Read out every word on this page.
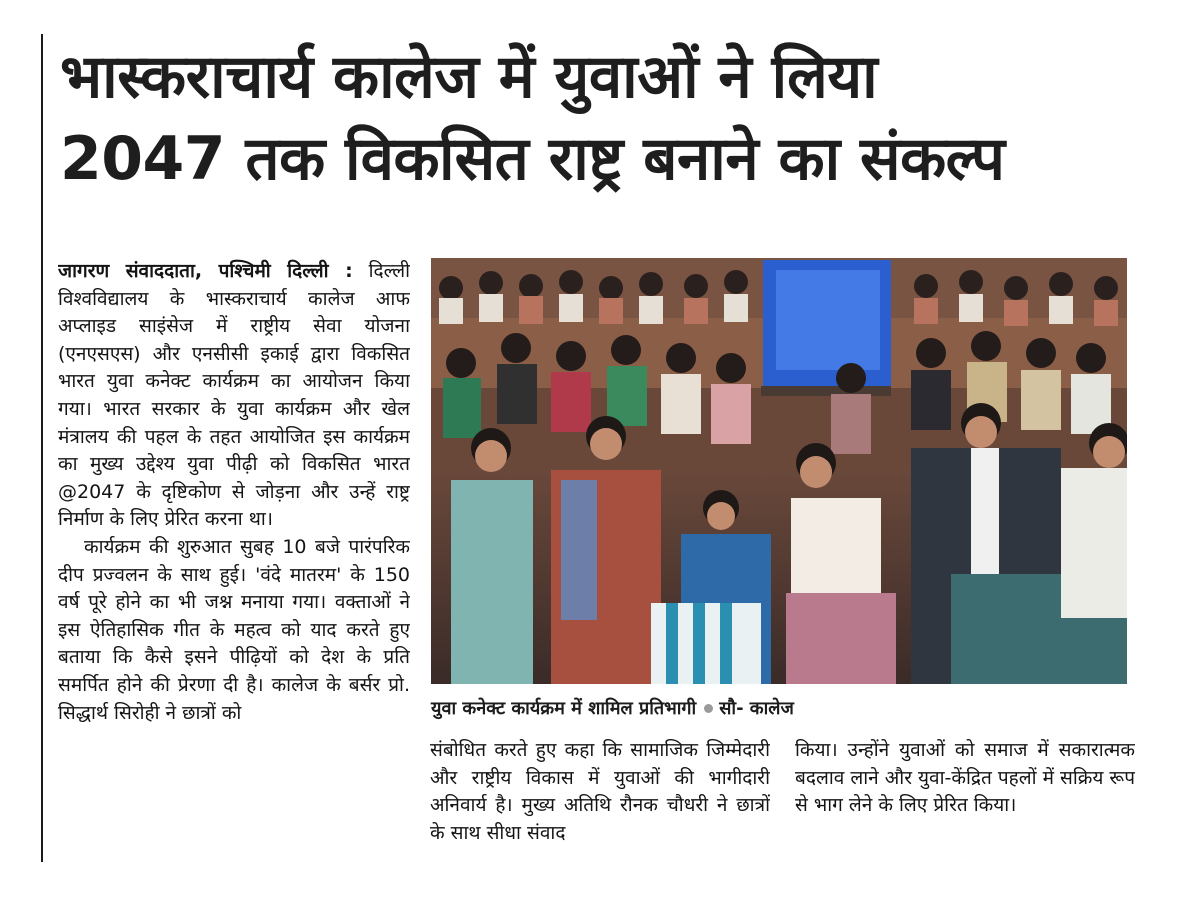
भास्कराचार्य कालेज में युवाओं ने लिया
2047 तक विकसित राष्ट्र बनाने का संकल्प

जागरण संवाददाता, पश्चिमी दिल्ली : दिल्ली विश्वविद्यालय के भास्कराचार्य कालेज आफ अप्लाइड साइंसेज में राष्ट्रीय सेवा योजना (एनएसएस) और एनसीसी इकाई द्वारा विकसित भारत युवा कनेक्ट कार्यक्रम का आयोजन किया गया। भारत सरकार के युवा कार्यक्रम और खेल मंत्रालय की पहल के तहत आयोजित इस कार्यक्रम का मुख्य उद्देश्य युवा पीढ़ी को विकसित भारत @2047 के दृष्टिकोण से जोड़ना और उन्हें राष्ट्र निर्माण के लिए प्रेरित करना था।

कार्यक्रम की शुरुआत सुबह 10 बजे पारंपरिक दीप प्रज्वलन के साथ हुई। 'वंदे मातरम' के 150 वर्ष पूरे होने का भी जश्न मनाया गया। वक्ताओं ने इस ऐतिहासिक गीत के महत्व को याद करते हुए बताया कि कैसे इसने पीढ़ियों को देश के प्रति समर्पित होने की प्रेरणा दी है। कालेज के बर्सर प्रो. सिद्धार्थ सिरोही ने छात्रों को	युवा कनेक्ट कार्यक्रम में शामिल प्रतिभागी सौ- कालेज

संबोधित करते हुए कहा कि सामाजिक जिम्मेदारी और राष्ट्रीय विकास में युवाओं की भागीदारी अनिवार्य है। मुख्य अतिथि रौनक चौधरी ने छात्रों के साथ सीधा संवाद

किया। उन्होंने युवाओं को समाज में सकारात्मक बदलाव लाने और युवा-केंद्रित पहलों में सक्रिय रूप से भाग लेने के लिए प्रेरित किया।
